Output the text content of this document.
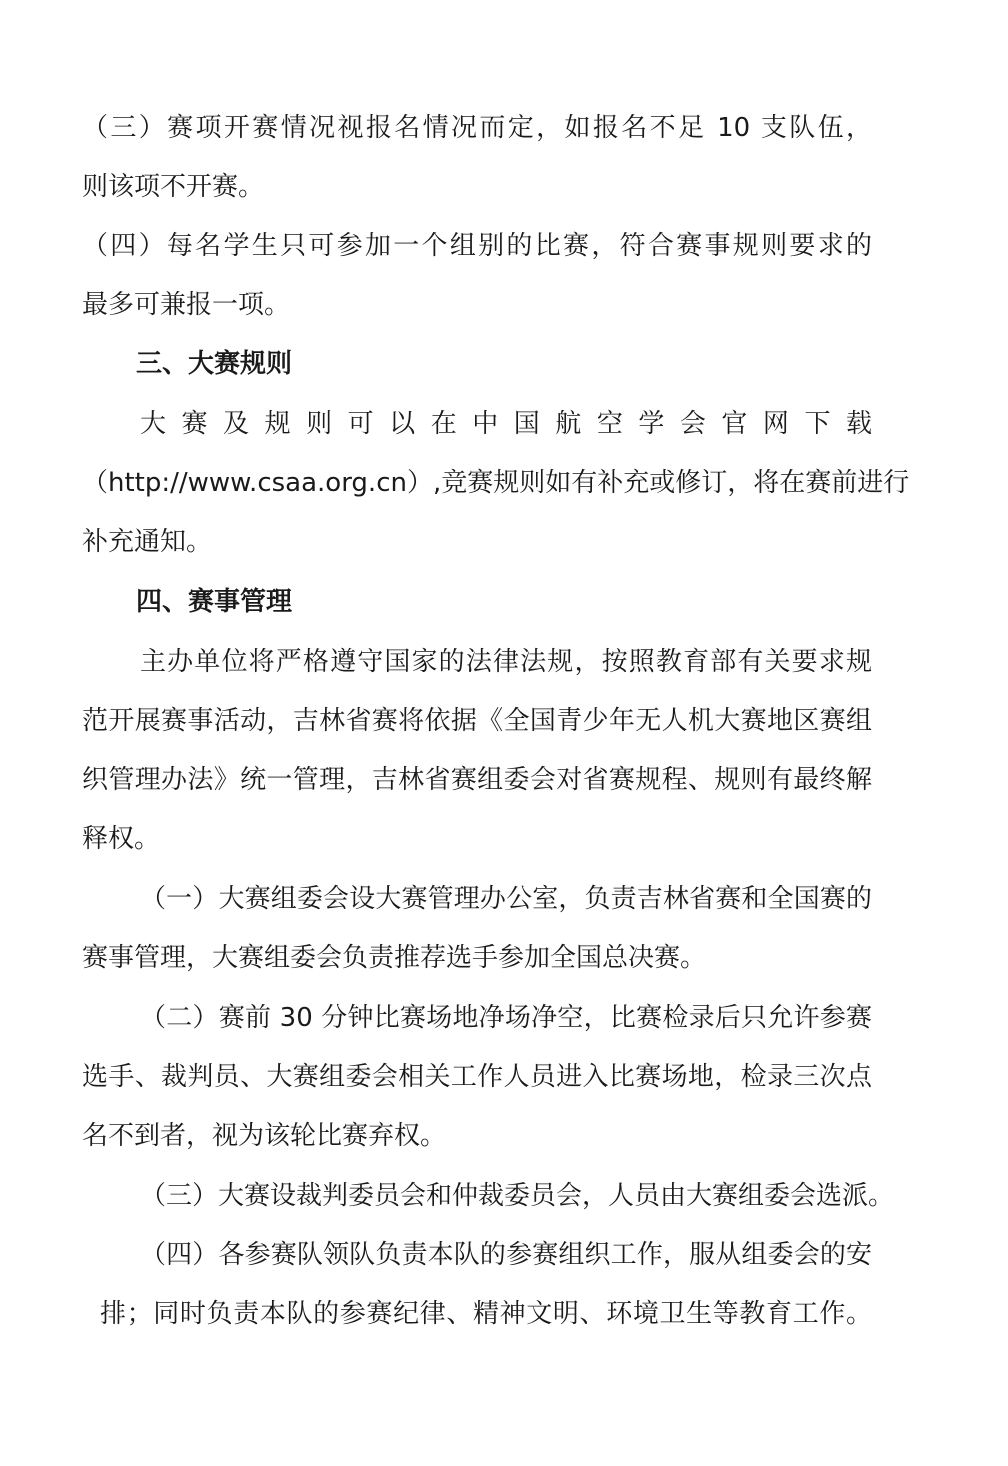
（三）赛项开赛情况视报名情况而定，如报名不足 10 支队伍，
则该项不开赛。
（四）每名学生只可参加一个组别的比赛，符合赛事规则要求的
最多可兼报一项。
三、大赛规则
大赛及规则可以在中国航空学会官网下载
（http://www.csaa.org.cn）,竞赛规则如有补充或修订，将在赛前进行
补充通知。
四、赛事管理
主办单位将严格遵守国家的法律法规，按照教育部有关要求规
范开展赛事活动，吉林省赛将依据《全国青少年无人机大赛地区赛组
织管理办法》统一管理，吉林省赛组委会对省赛规程、规则有最终解
释权。
（一）大赛组委会设大赛管理办公室，负责吉林省赛和全国赛的
赛事管理，大赛组委会负责推荐选手参加全国总决赛。
（二）赛前 30 分钟比赛场地净场净空，比赛检录后只允许参赛
选手、裁判员、大赛组委会相关工作人员进入比赛场地，检录三次点
名不到者，视为该轮比赛弃权。
（三）大赛设裁判委员会和仲裁委员会，人员由大赛组委会选派。
（四）各参赛队领队负责本队的参赛组织工作，服从组委会的安
排；同时负责本队的参赛纪律、精神文明、环境卫生等教育工作。
